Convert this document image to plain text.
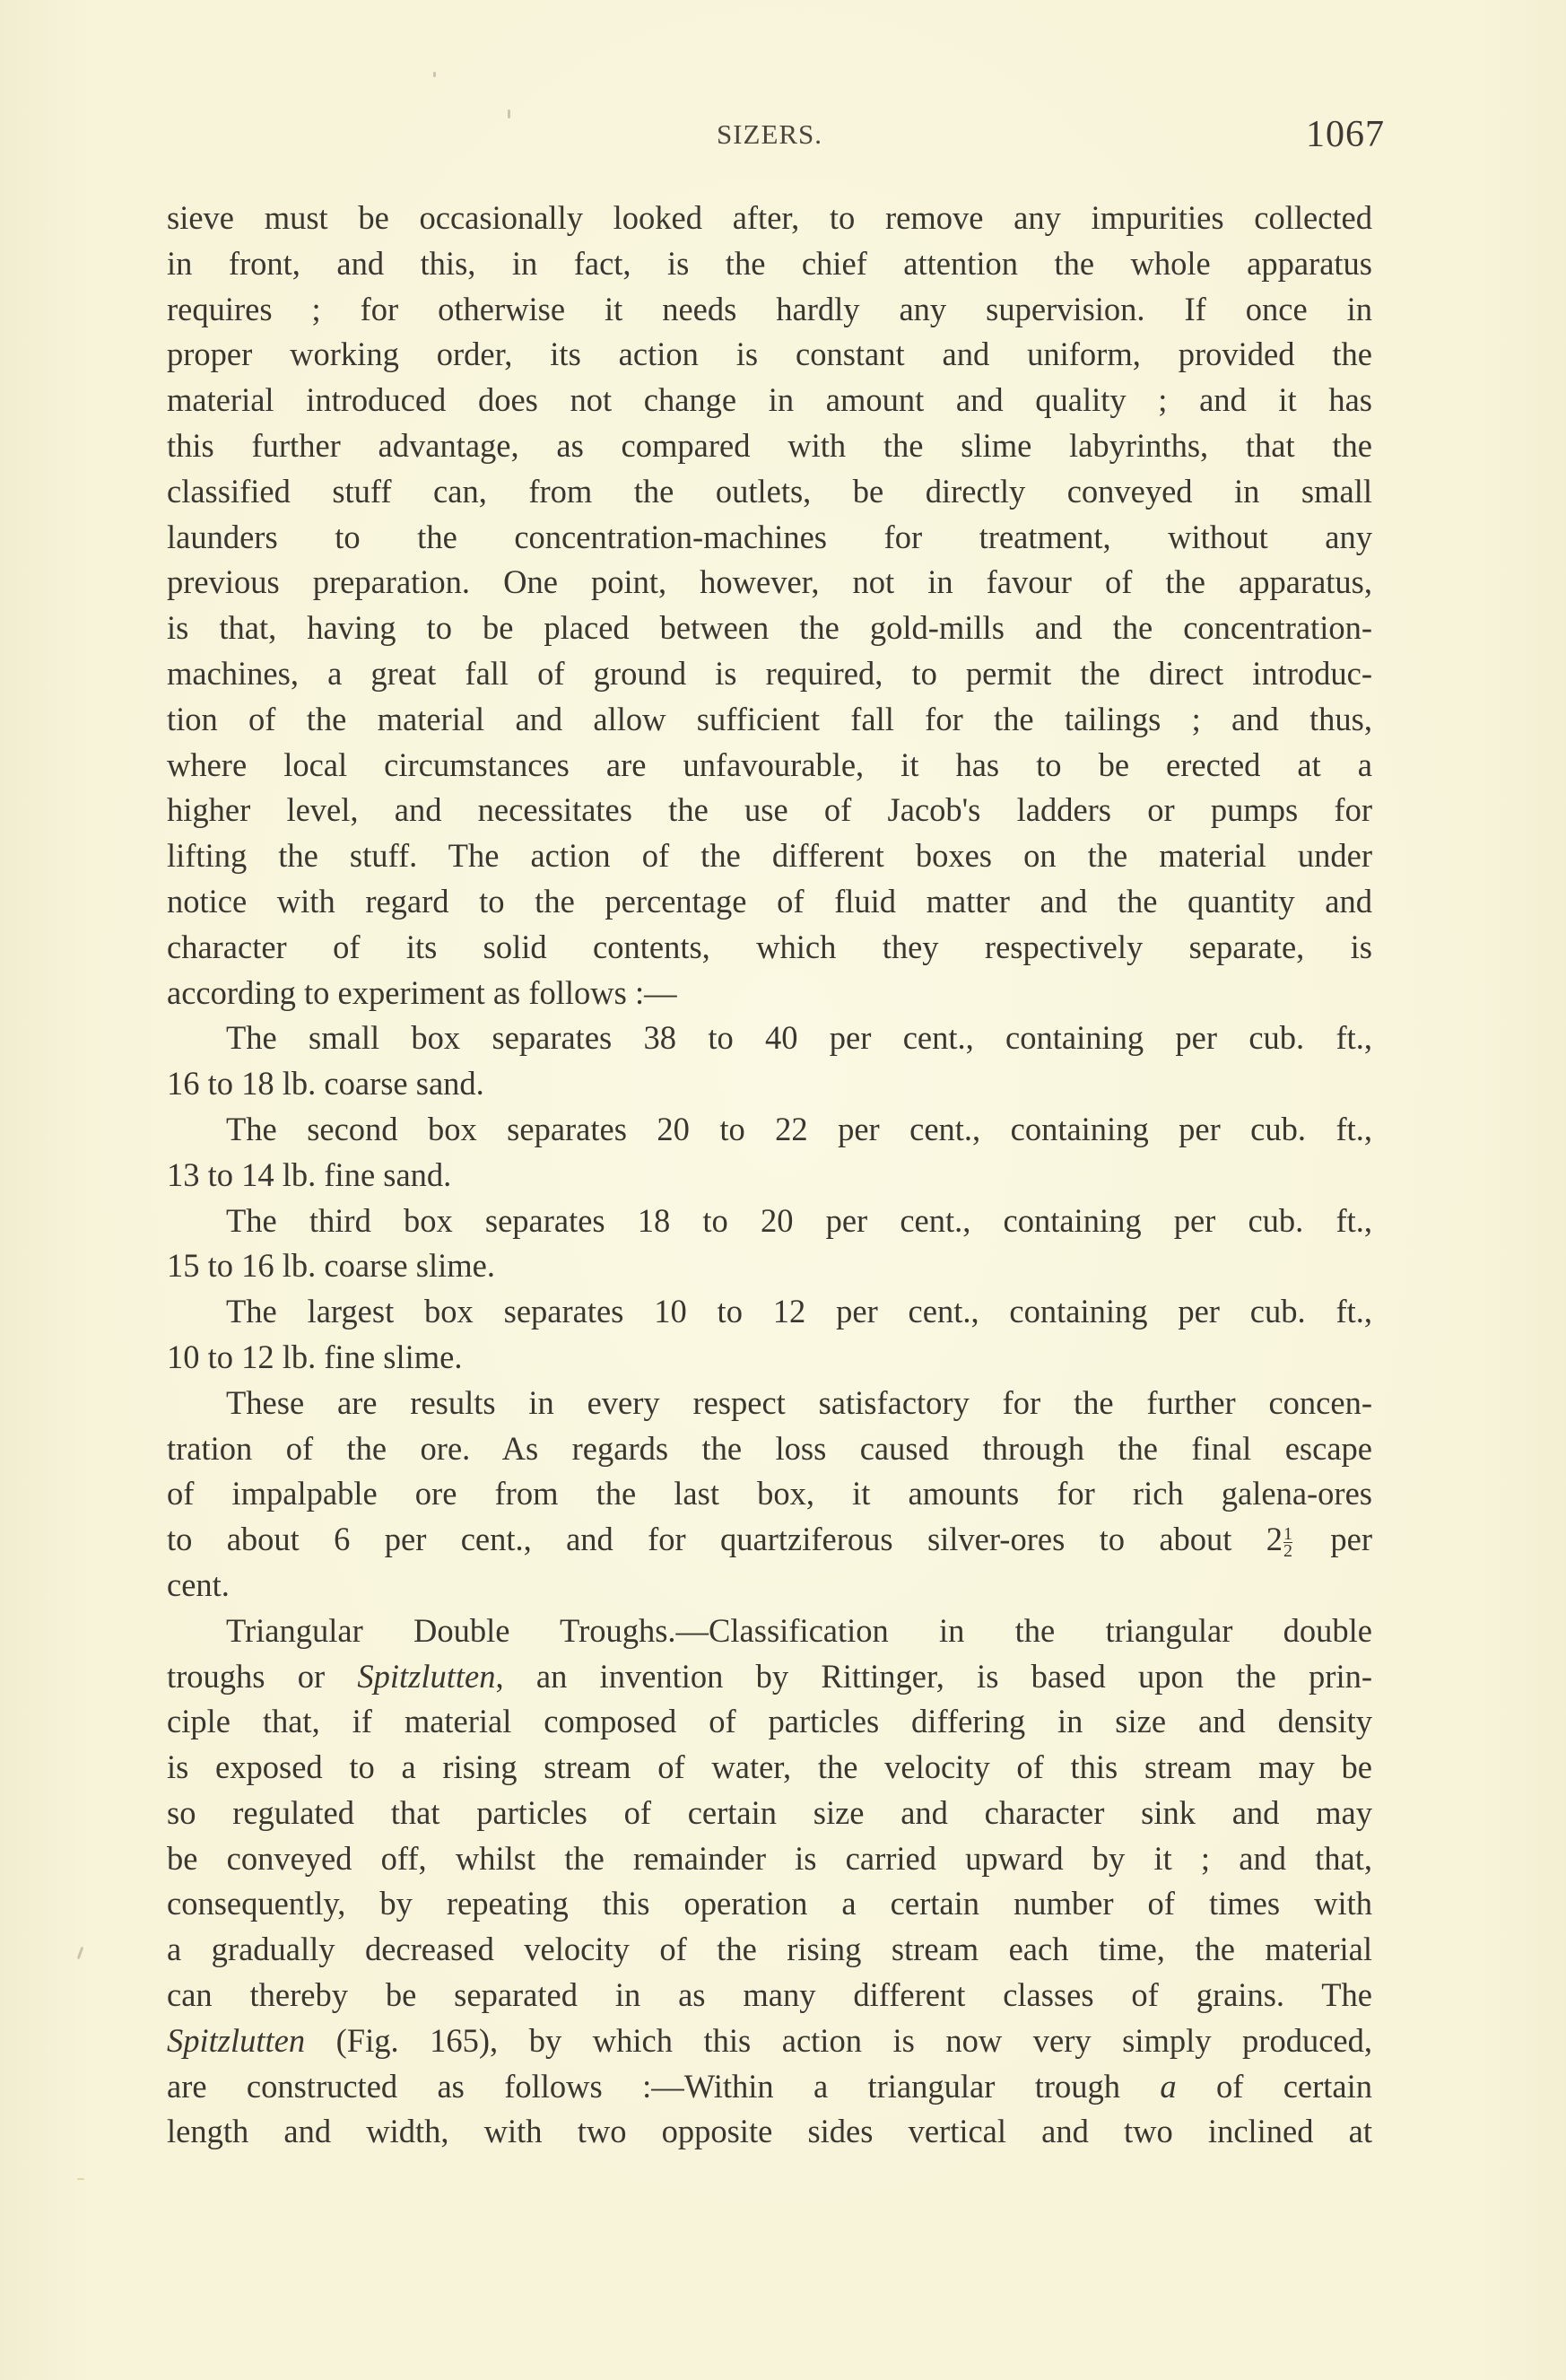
SIZERS.	1067
sieve must be occasionally looked after, to remove any impurities collected
in front, and this, in fact, is the chief attention the whole apparatus
requires ; for otherwise it needs hardly any supervision. If once in
proper working order, its action is constant and uniform, provided the
material introduced does not change in amount and quality ; and it has
this further advantage, as compared with the slime labyrinths, that the
classified stuff can, from the outlets, be directly conveyed in small
launders to the concentration-machines for treatment, without any
previous preparation. One point, however, not in favour of the apparatus,
is that, having to be placed between the gold-mills and the concentration-
machines, a great fall of ground is required, to permit the direct introduc-
tion of the material and allow sufficient fall for the tailings ; and thus,
where local circumstances are unfavourable, it has to be erected at a
higher level, and necessitates the use of Jacob's ladders or pumps for
lifting the stuff. The action of the different boxes on the material under
notice with regard to the percentage of fluid matter and the quantity and
character of its solid contents, which they respectively separate, is
according to experiment as follows :—
The small box separates 38 to 40 per cent., containing per cub. ft.,
16 to 18 lb. coarse sand.
The second box separates 20 to 22 per cent., containing per cub. ft.,
13 to 14 lb. fine sand.
The third box separates 18 to 20 per cent., containing per cub. ft.,
15 to 16 lb. coarse slime.
The largest box separates 10 to 12 per cent., containing per cub. ft.,
10 to 12 lb. fine slime.
These are results in every respect satisfactory for the further concen-
tration of the ore. As regards the loss caused through the final escape
of impalpable ore from the last box, it amounts for rich galena-ores
to about 6 per cent., and for quartziferous silver-ores to about $2 \frac{1}{2}$ per
cent.
Triangular Double Troughs.—Classification in the triangular double
troughs or Spitzlutten, an invention by Rittinger, is based upon the prin-
ciple that, if material composed of particles differing in size and density
is exposed to a rising stream of water, the velocity of this stream may be
so regulated that particles of certain size and character sink and may
be conveyed off, whilst the remainder is carried upward by it ; and that,
consequently, by repeating this operation a certain number of times with
a gradually decreased velocity of the rising stream each time, the material
can thereby be separated in as many different classes of grains. The
Spitzlutten (Fig. 165), by which this action is now very simply produced,
are constructed as follows :—Within a triangular trough a of certain
length and width, with two opposite sides vertical and two inclined at
